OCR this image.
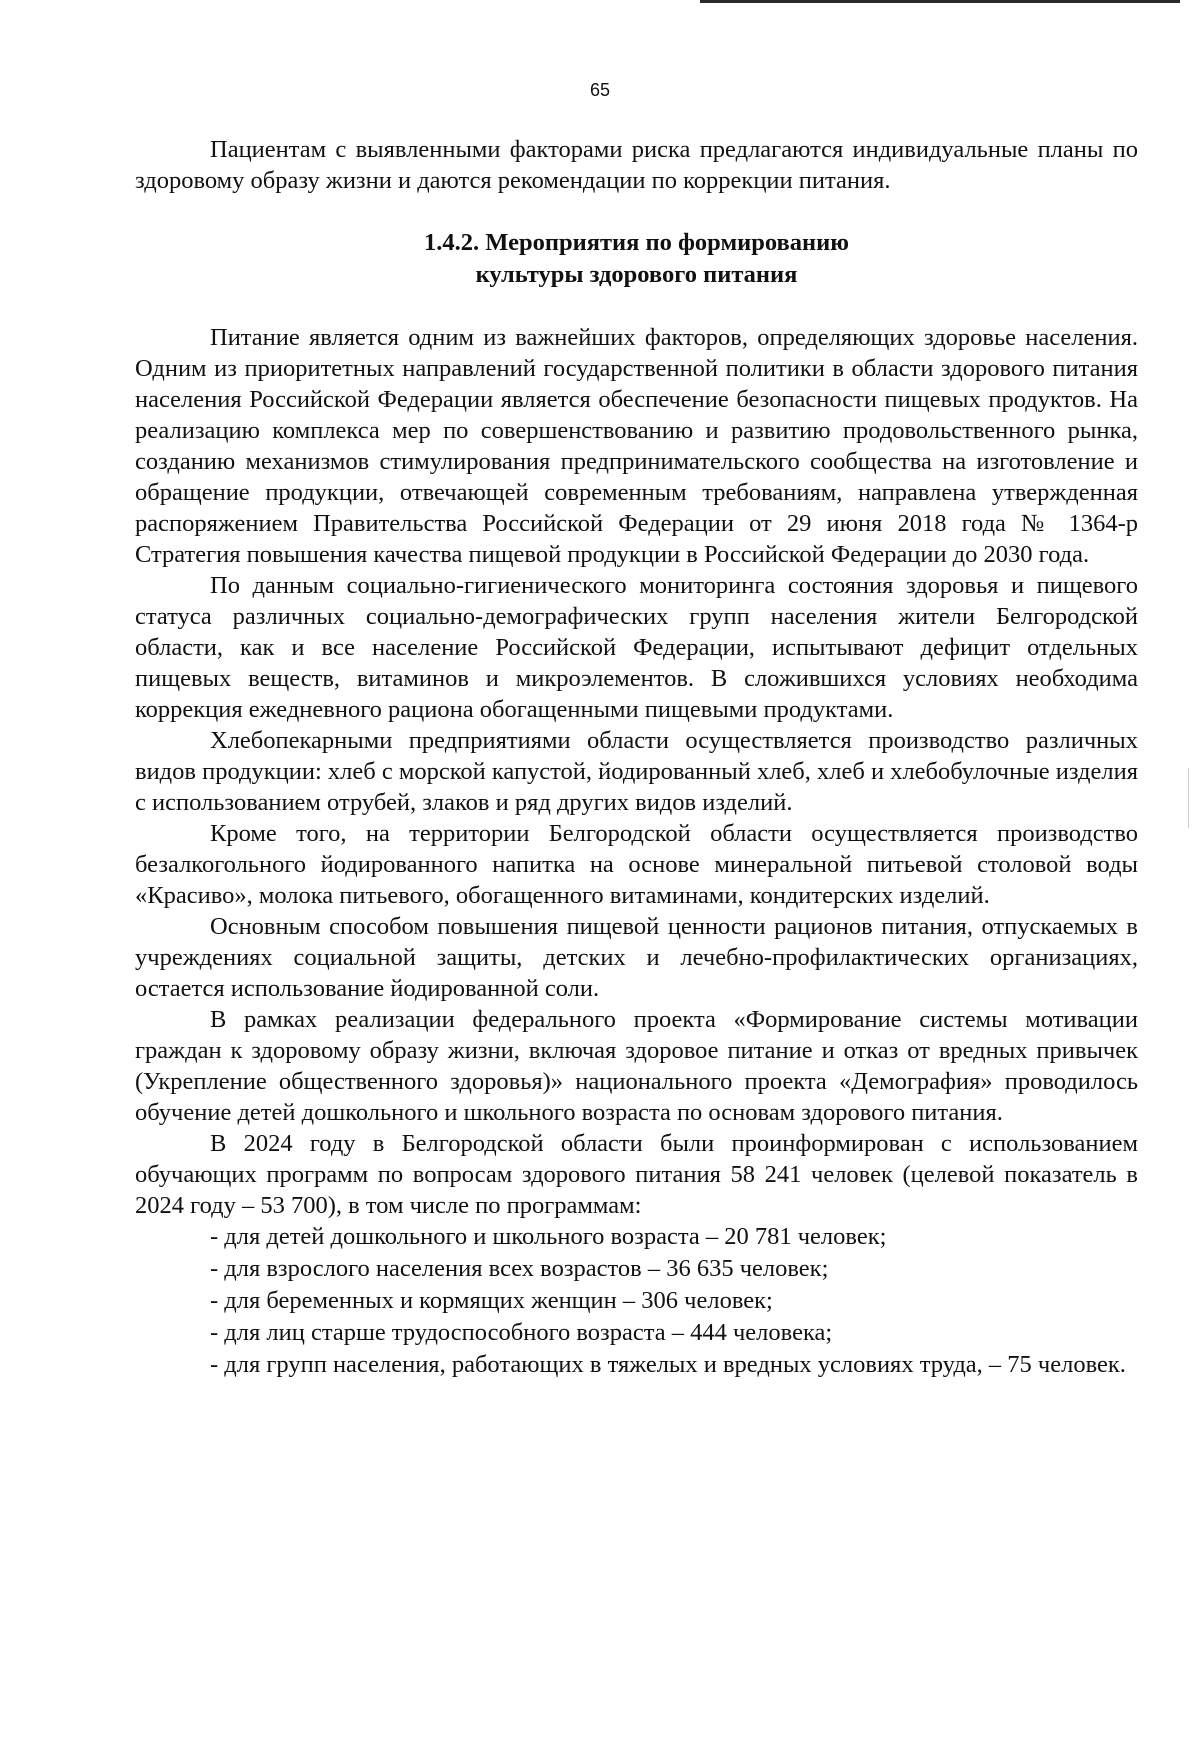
65

Пациентам с выявленными факторами риска предлагаются индивидуальные планы по здоровому образу жизни и даются рекомендации по коррекции питания.

1.4.2. Мероприятия по формированию
культуры здорового питания

Питание является одним из важнейших факторов, определяющих здоровье населения. Одним из приоритетных направлений государственной политики в области здорового питания населения Российской Федерации является обеспечение безопасности пищевых продуктов. На реализацию комплекса мер по совершенствованию и развитию продовольственного рынка, созданию механизмов стимулирования предпринимательского сообщества на изготовление и обращение продукции, отвечающей современным требованиям, направлена утвержденная распоряжением Правительства Российской Федерации от 29 июня 2018 года № 1364-р Стратегия повышения качества пищевой продукции в Российской Федерации до 2030 года.

По данным социально-гигиенического мониторинга состояния здоровья и пищевого статуса различных социально-демографических групп населения жители Белгородской области, как и все население Российской Федерации, испытывают дефицит отдельных пищевых веществ, витаминов и микроэлементов. В сложившихся условиях необходима коррекция ежедневного рациона обогащенными пищевыми продуктами.

Хлебопекарными предприятиями области осуществляется производство различных видов продукции: хлеб с морской капустой, йодированный хлеб, хлеб и хлебобулочные изделия с использованием отрубей, злаков и ряд других видов изделий.

Кроме того, на территории Белгородской области осуществляется производство безалкогольного йодированного напитка на основе минеральной питьевой столовой воды «Красиво», молока питьевого, обогащенного витаминами, кондитерских изделий.

Основным способом повышения пищевой ценности рационов питания, отпускаемых в учреждениях социальной защиты, детских и лечебно-профилактических организациях, остается использование йодированной соли.

В рамках реализации федерального проекта «Формирование системы мотивации граждан к здоровому образу жизни, включая здоровое питание и отказ от вредных привычек (Укрепление общественного здоровья)» национального проекта «Демография» проводилось обучение детей дошкольного и школьного возраста по основам здорового питания.

В 2024 году в Белгородской области были проинформирован с использованием обучающих программ по вопросам здорового питания 58 241 человек (целевой показатель в 2024 году – 53 700), в том числе по программам:

- для детей дошкольного и школьного возраста – 20 781 человек;
- для взрослого населения всех возрастов – 36 635 человек;
- для беременных и кормящих женщин – 306 человек;
- для лиц старше трудоспособного возраста – 444 человека;
- для групп населения, работающих в тяжелых и вредных условиях труда, – 75 человек.
